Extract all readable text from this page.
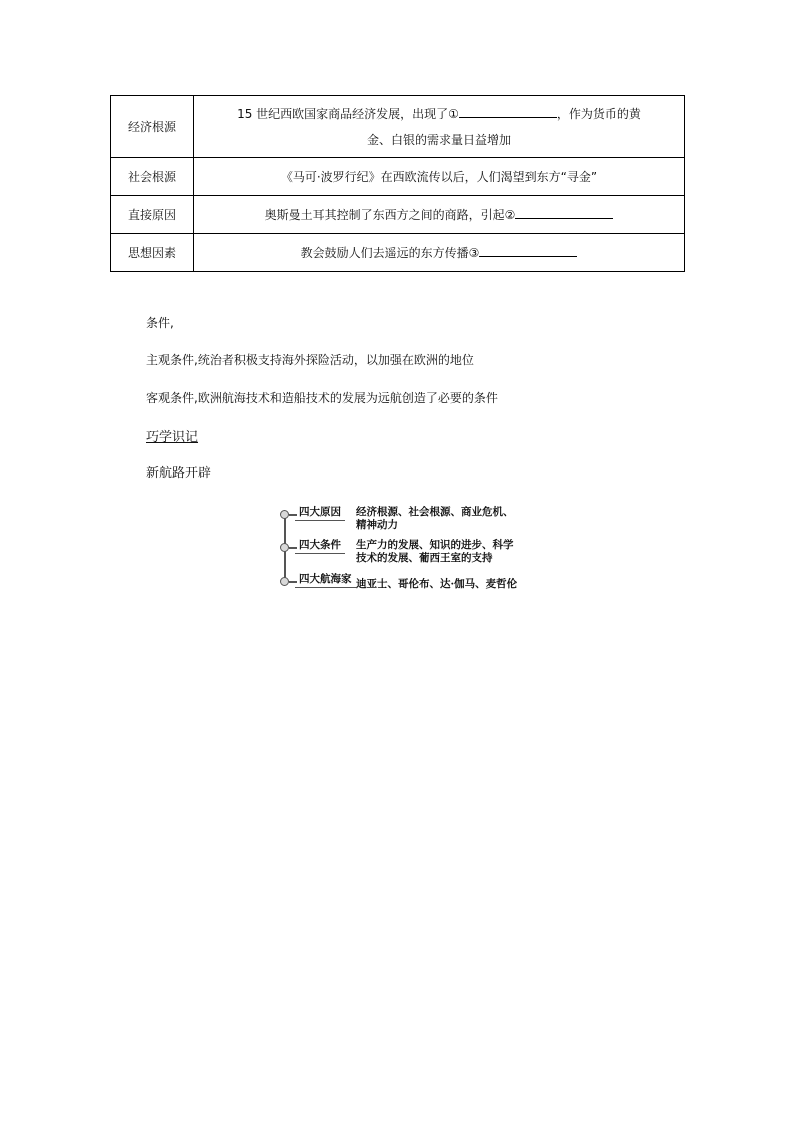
经济根源	15 世纪西欧国家商品经济发展，出现了① ，作为货币的黄
金、白银的需求量日益增加

社会根源	《马可·波罗行纪》在西欧流传以后，人们渴望到东方“寻金”
直接原因	奥斯曼土耳其控制了东西方之间的商路，引起②
思想因素	教会鼓励人们去遥远的东方传播③
条件,
主观条件,统治者积极支持海外探险活动，以加强在欧洲的地位
客观条件,欧洲航海技术和造船技术的发展为远航创造了必要的条件
巧学识记
新航路开辟
四大原因	经济根源、社会根源、商业危机、
精神动力
四大条件	生产力的发展、知识的进步、科学
技术的发展、葡西王室的支持
四大航海家 迪亚士、哥伦布、达·伽马、麦哲伦
